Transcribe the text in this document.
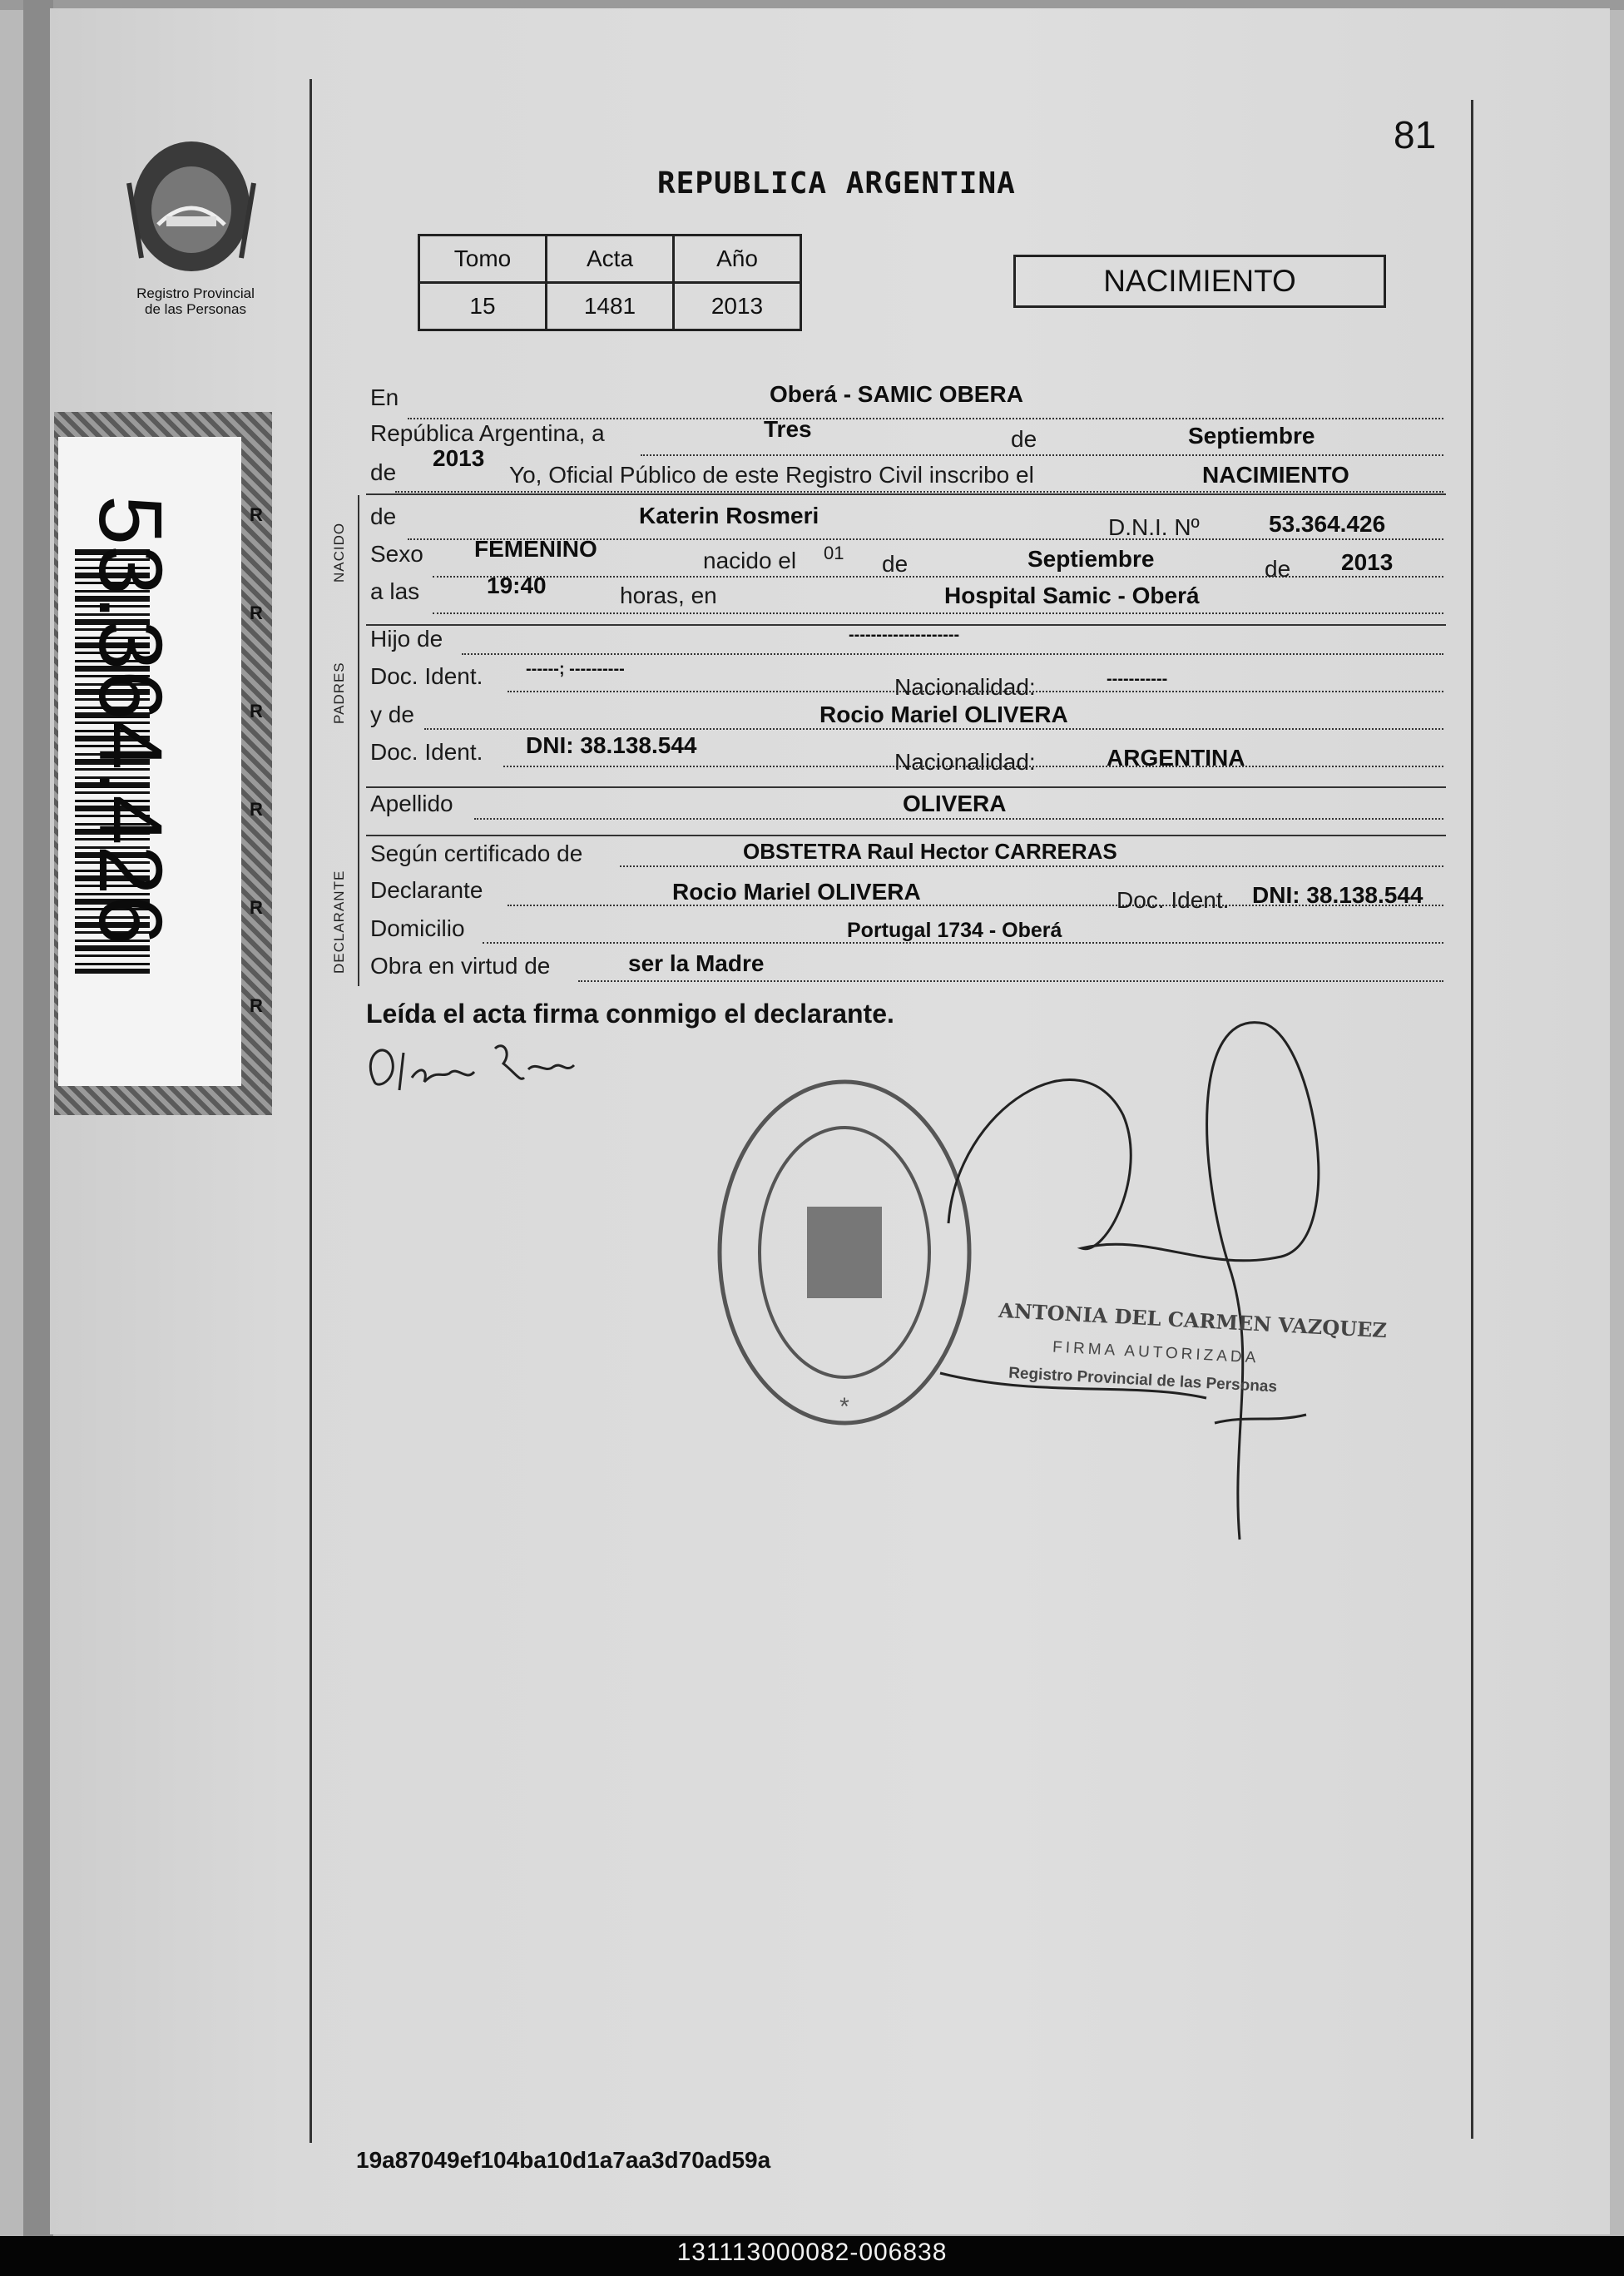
Registro Provincial
de las Personas
81
REPUBLICA ARGENTINA
Tomo	Acta	Año
15	1481	2013
NACIMIENTO
53.364.426	R
R
R
R
R
R
NACIDO
PADRES
DECLARANTE
En	Oberá - SAMIC OBERA
República Argentina, a	Tres	de	Septiembre
de
2013
Yo, Oficial Público de este Registro Civil inscribo el	NACIMIENTO
de	Katerin Rosmeri	D.N.I. Nº	53.364.426
Sexo FEMENINO	nacido el 01 de	Septiembre	de 2013
a las	19:40	horas, en	Hospital Samic - Oberá
Hijo de	--------------------
Doc. Ident.	------; ----------
Nacionalidad:	-----------
y de	Rocio Mariel OLIVERA
Doc. Ident. DNI: 38.138.544
Nacionalidad:	ARGENTINA
Apellido	OLIVERA
Según certificado de	OBSTETRA Raul Hector CARRERAS
Declarante	Rocio Mariel OLIVERA	Doc. Ident. DNI: 38.138.544
Domicilio	Portugal 1734 - Oberá
Obra en virtud de	ser la Madre
Leída el acta firma conmigo el declarante.
*
ANTONIA DEL CARMEN VAZQUEZ
FIRMA AUTORIZADA
Registro Provincial de las Personas
19a87049ef104ba10d1a7aa3d70ad59a
131113000082-006838
